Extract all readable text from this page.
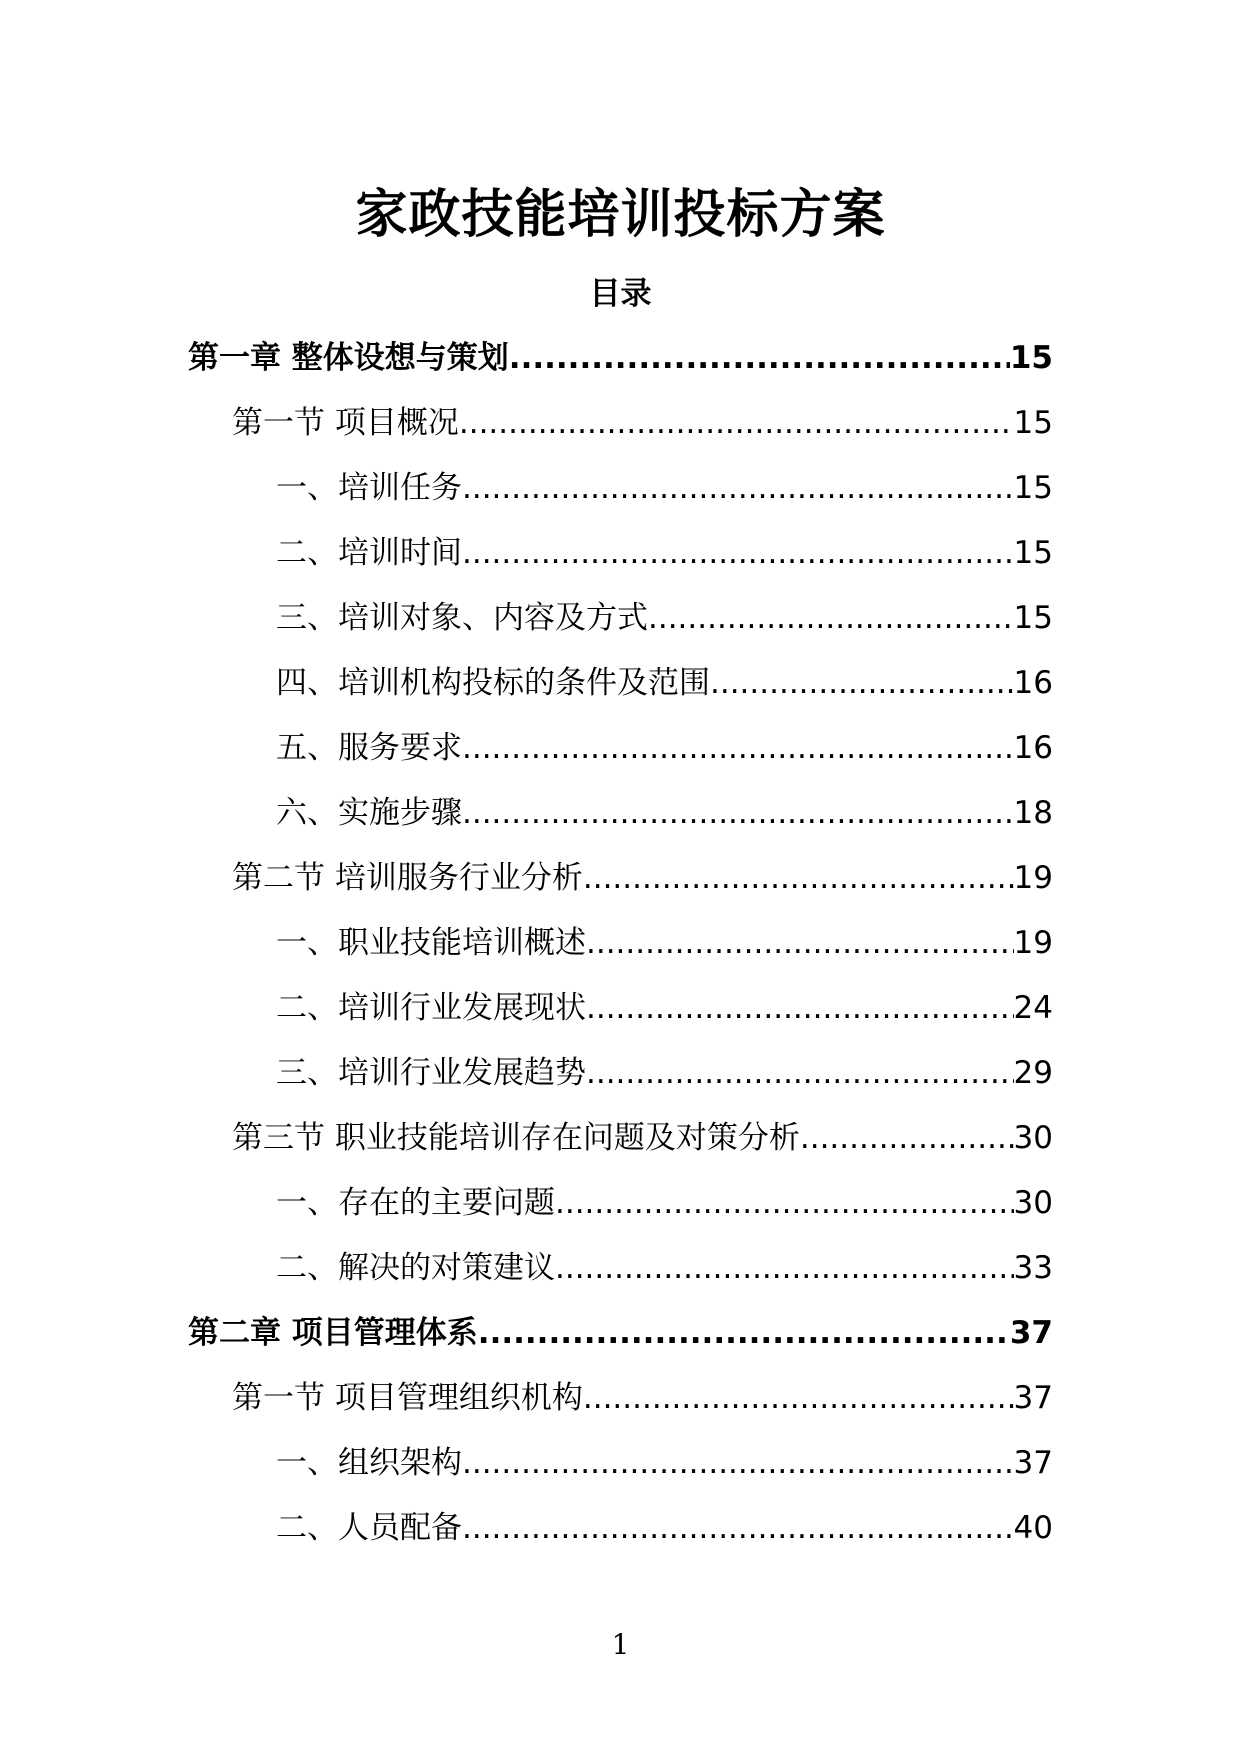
家政技能培训投标方案
目录
第一章 整体设想与策划 .....	15
第一节 项目概况 .....	15
一、培训任务 .....	15
二、培训时间 .....	15
三、培训对象、内容及方式 .....	15
四、培训机构投标的条件及范围 .....	16
五、服务要求 .....	16
六、实施步骤 .....	18
第二节 培训服务行业分析 .....	19
一、职业技能培训概述 .....	19
二、培训行业发展现状 .....	24
三、培训行业发展趋势 .....	29
第三节 职业技能培训存在问题及对策分析 .....	30
一、存在的主要问题 .....	30
二、解决的对策建议 .....	33
第二章 项目管理体系 .....	37
第一节 项目管理组织机构 .....	37
一、组织架构 .....	37
二、人员配备 .....	40
1
